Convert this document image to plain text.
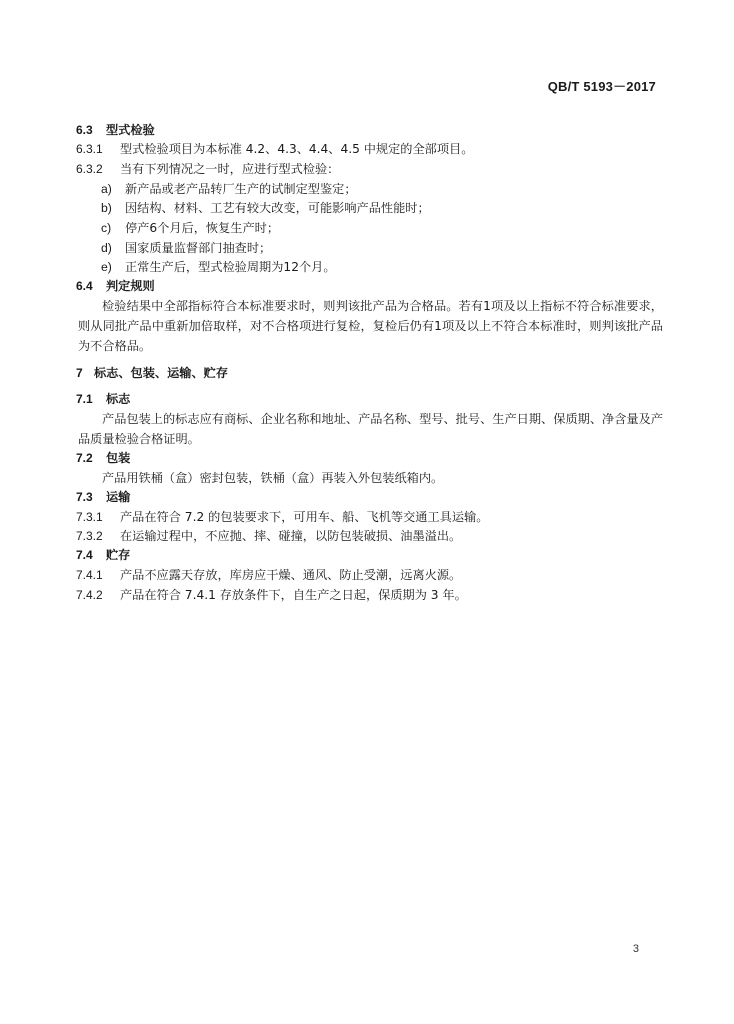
QB/T 5193－2017
6.3 型式检验
6.3.1 型式检验项目为本标准 4.2、4.3、4.4、4.5 中规定的全部项目。
6.3.2 当有下列情况之一时，应进行型式检验：
a) 新产品或老产品转厂生产的试制定型鉴定；
b) 因结构、材料、工艺有较大改变，可能影响产品性能时；
c) 停产6个月后，恢复生产时；
d) 国家质量监督部门抽查时；
e) 正常生产后，型式检验周期为12个月。
6.4 判定规则
检验结果中全部指标符合本标准要求时，则判该批产品为合格品。若有1项及以上指标不符合标准要求，则从同批产品中重新加倍取样，对不合格项进行复检，复检后仍有1项及以上不符合本标准时，则判该批产品为不合格品。
7 标志、包装、运输、贮存
7.1 标志
产品包装上的标志应有商标、企业名称和地址、产品名称、型号、批号、生产日期、保质期、净含量及产品质量检验合格证明。
7.2 包装
产品用铁桶（盒）密封包装，铁桶（盒）再装入外包装纸箱内。
7.3 运输
7.3.1 产品在符合 7.2 的包装要求下，可用车、船、飞机等交通工具运输。
7.3.2 在运输过程中，不应抛、摔、碰撞，以防包装破损、油墨溢出。
7.4 贮存
7.4.1 产品不应露天存放，库房应干燥、通风、防止受潮，远离火源。
7.4.2 产品在符合 7.4.1 存放条件下，自生产之日起，保质期为 3 年。
3
